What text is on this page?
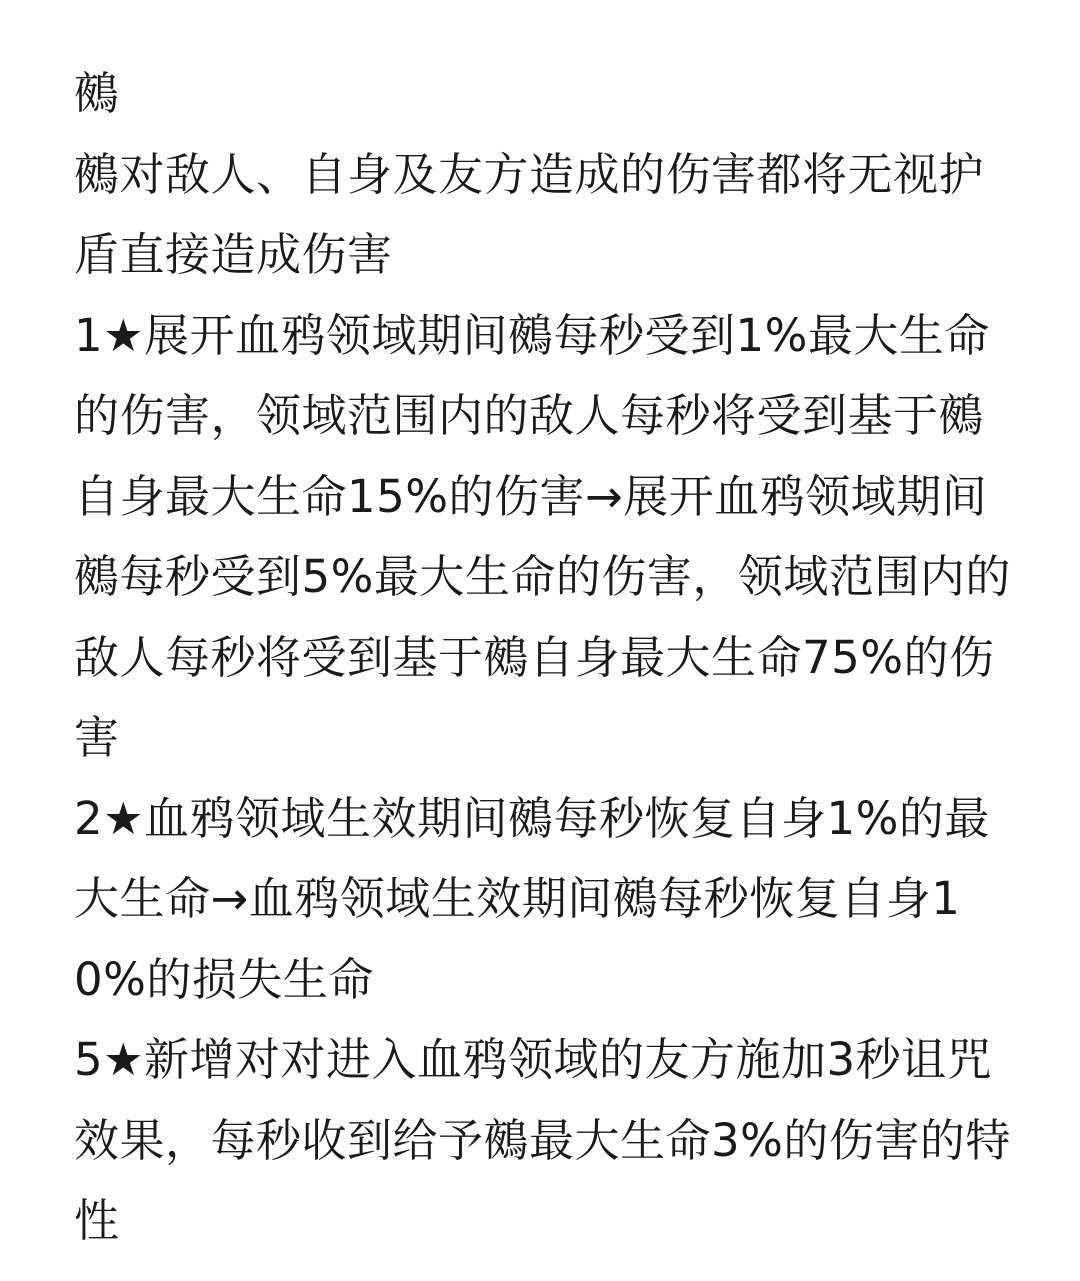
鵺

鵺对敌人、自身及友方造成的伤害都将无视护盾直接造成伤害

1★展开血鸦领域期间鵺每秒受到1%最大生命的伤害，领域范围内的敌人每秒将受到基于鵺自身最大生命15%的伤害→展开血鸦领域期间鵺每秒受到5%最大生命的伤害，领域范围内的敌人每秒将受到基于鵺自身最大生命75%的伤害

2★血鸦领域生效期间鵺每秒恢复自身1%的最大生命→血鸦领域生效期间鵺每秒恢复自身10%的损失生命

5★新增对对进入血鸦领域的友方施加3秒诅咒效果，每秒收到给予鵺最大生命3%的伤害的特性
